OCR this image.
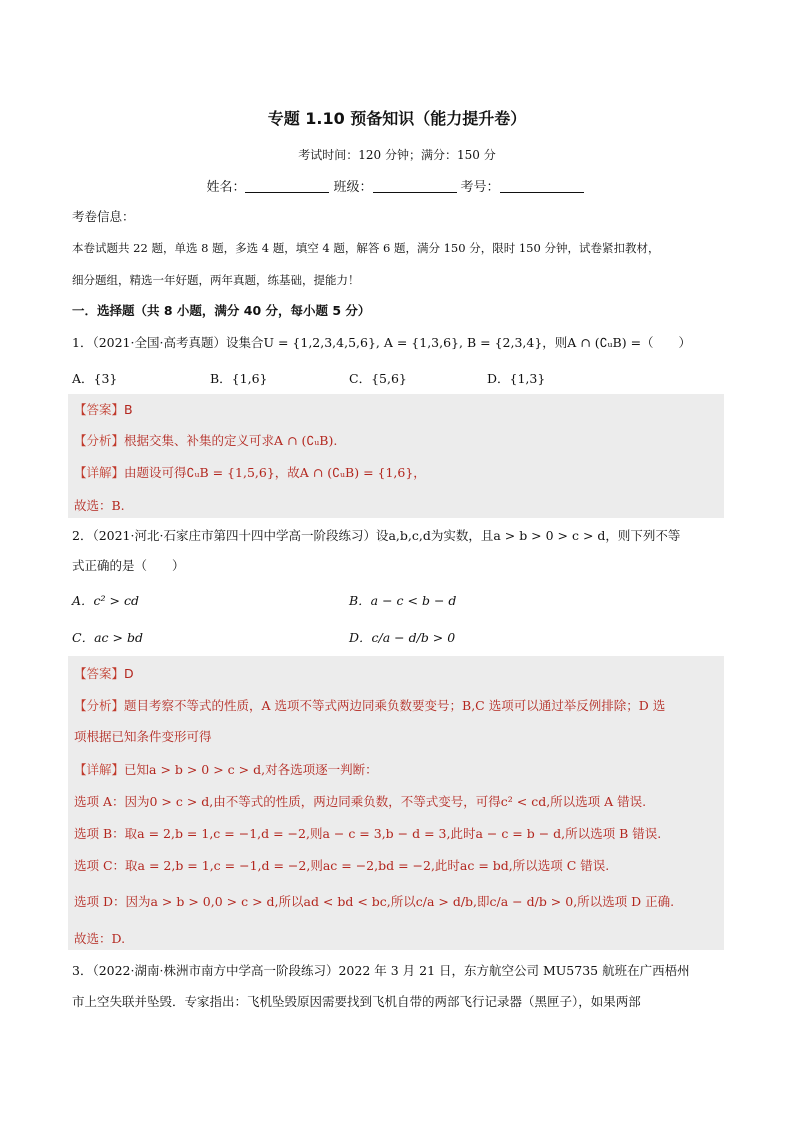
专题 1.10 预备知识（能力提升卷）
考试时间：120 分钟；满分：150 分
姓名：	班级：	考号：
考卷信息：
本卷试题共 22 题，单选 8 题，多选 4 题，填空 4 题，解答 6 题，满分 150 分，限时 150 分钟，试卷紧扣教材，
细分题组，精选一年好题，两年真题，练基础，提能力！
一．选择题（共 8 小题，满分 40 分，每小题 5 分）
1．（2021·全国·高考真题）设集合U = {1,2,3,4,5,6}, A = {1,3,6}, B = {2,3,4}，则A ∩ (∁ᵤB) =（　　）
A．{3}	B．{1,6}	C．{5,6}	D．{1,3}
【答案】B
【分析】根据交集、补集的定义可求A ∩ (∁ᵤB).
【详解】由题设可得∁ᵤB = {1,5,6}，故A ∩ (∁ᵤB) = {1,6}，
故选：B.
2．（2021·河北·石家庄市第四十四中学高一阶段练习）设a,b,c,d为实数，且a > b > 0 > c > d，则下列不等
式正确的是（　　）
A．c² > cd	B．a − c < b − d
C．ac > bd	D．c/a − d/b > 0
【答案】D
【分析】题目考察不等式的性质，A 选项不等式两边同乘负数要变号；B,C 选项可以通过举反例排除；D 选
项根据已知条件变形可得
【详解】已知a > b > 0 > c > d,对各选项逐一判断：
选项 A：因为0 > c > d,由不等式的性质，两边同乘负数，不等式变号，可得c² < cd,所以选项 A 错误.
选项 B：取a = 2,b = 1,c = −1,d = −2,则a − c = 3,b − d = 3,此时a − c = b − d,所以选项 B 错误.
选项 C：取a = 2,b = 1,c = −1,d = −2,则ac = −2,bd = −2,此时ac = bd,所以选项 C 错误.
选项 D：因为a > b > 0,0 > c > d,所以ad < bd < bc,所以c/a > d/b,即c/a − d/b > 0,所以选项 D 正确.
故选：D.
3．（2022·湖南·株洲市南方中学高一阶段练习）2022 年 3 月 21 日，东方航空公司 MU5735 航班在广西梧州
市上空失联并坠毁．专家指出：飞机坠毁原因需要找到飞机自带的两部飞行记录器（黑匣子），如果两部
